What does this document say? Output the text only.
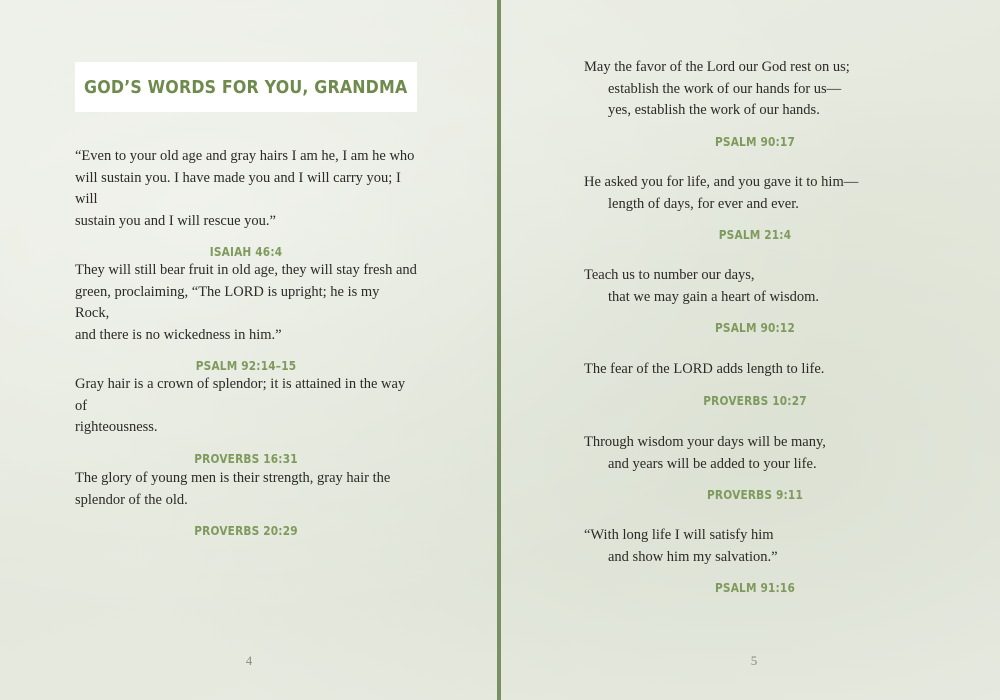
GOD’S WORDS FOR YOU, GRANDMA

“Even to your old age and gray hairs I am he, I am he who
will sustain you. I have made you and I will carry you; I will
sustain you and I will rescue you.”

ISAIAH 46:4

They will still bear fruit in old age, they will stay fresh and
green, proclaiming, “The LORD is upright; he is my Rock,
and there is no wickedness in him.”

PSALM 92:14–15

Gray hair is a crown of splendor; it is attained in the way of
righteousness.

PROVERBS 16:31

The glory of young men is their strength, gray hair the
splendor of the old.

PROVERBS 20:29
4

May the favor of the Lord our God rest on us;
establish the work of our hands for us—
yes, establish the work of our hands.

PSALM 90:17

He asked you for life, and you gave it to him—
length of days, for ever and ever.

PSALM 21:4

Teach us to number our days,
that we may gain a heart of wisdom.

PSALM 90:12

The fear of the LORD adds length to life.

PROVERBS 10:27

Through wisdom your days will be many,
and years will be added to your life.

PROVERBS 9:11

“With long life I will satisfy him
and show him my salvation.”

PSALM 91:16
5
